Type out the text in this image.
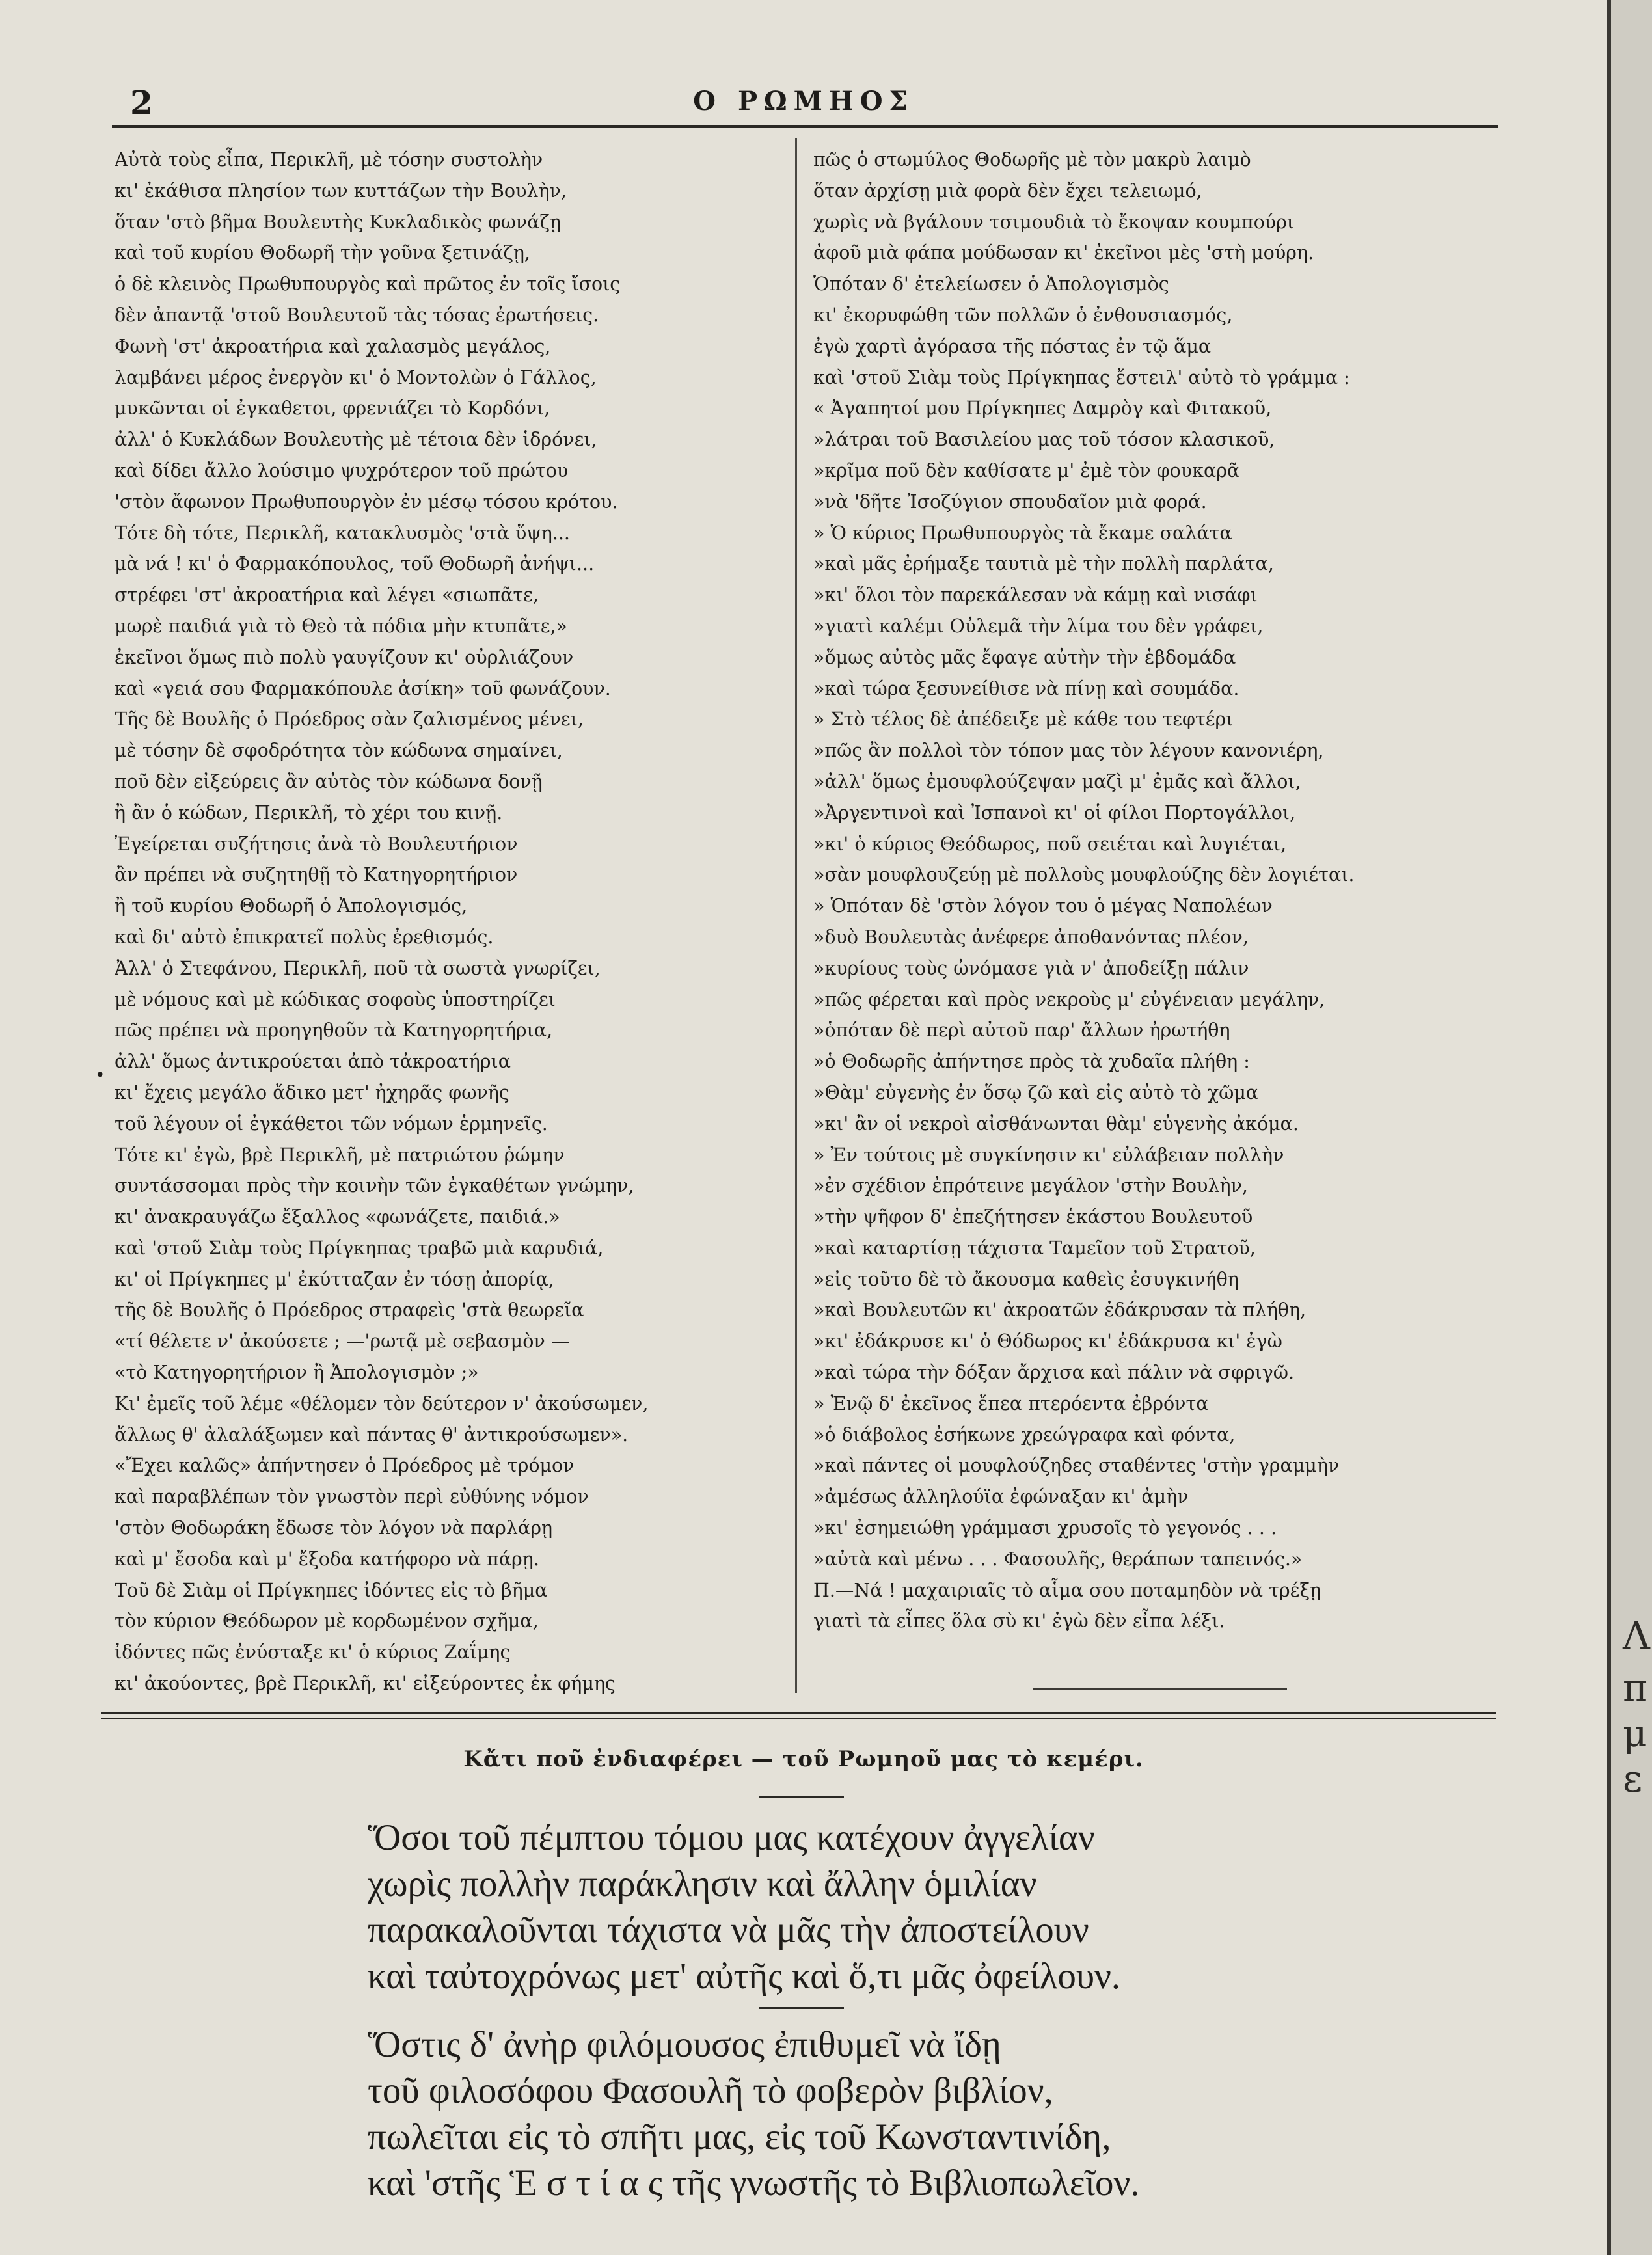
2	Ο ΡΩΜΗΟΣ
Αὐτὰ τοὺς εἶπα, Περικλῆ, μὲ τόσην συστολὴν
κι' ἐκάθισα πλησίον των κυττάζων τὴν Βουλὴν,
ὅταν 'στὸ βῆμα Βουλευτὴς Κυκλαδικὸς φωνάζῃ
καὶ τοῦ κυρίου Θοδωρῆ τὴν γοῦνα ξετινάζῃ,
ὁ δὲ κλεινὸς Πρωθυπουργὸς καὶ πρῶτος ἐν τοῖς ἴσοις
δὲν ἀπαντᾷ 'στοῦ Βουλευτοῦ τὰς τόσας ἐρωτήσεις.
Φωνὴ 'στ' ἀκροατήρια καὶ χαλασμὸς μεγάλος,
λαμβάνει μέρος ἐνεργὸν κι' ὁ Μοντολὼν ὁ Γάλλος,
μυκῶνται οἱ ἐγκαθετοι, φρενιάζει τὸ Κορδόνι,
ἀλλ' ὁ Κυκλάδων Βουλευτὴς μὲ τέτοια δὲν ἱδρόνει,
καὶ δίδει ἄλλο λούσιμο ψυχρότερον τοῦ πρώτου
'στὸν ἄφωνον Πρωθυπουργὸν ἐν μέσῳ τόσου κρότου.
Τότε δὴ τότε, Περικλῆ, κατακλυσμὸς 'στὰ ὕψη...
μὰ νά ! κι' ὁ Φαρμακόπουλος, τοῦ Θοδωρῆ ἀνήψι...
στρέφει 'στ' ἀκροατήρια καὶ λέγει «σιωπᾶτε,
μωρὲ παιδιά γιὰ τὸ Θεὸ τὰ πόδια μὴν κτυπᾶτε,»
ἐκεῖνοι ὅμως πιὸ πολὺ γαυγίζουν κι' οὐρλιάζουν
καὶ «γειά σου Φαρμακόπουλε ἀσίκη» τοῦ φωνάζουν.
Τῆς δὲ Βουλῆς ὁ Πρόεδρος σὰν ζαλισμένος μένει,
μὲ τόσην δὲ σφοδρότητα τὸν κώδωνα σημαίνει,
ποῦ δὲν εἰξεύρεις ἂν αὐτὸς τὸν κώδωνα δονῇ
ἢ ἂν ὁ κώδων, Περικλῆ, τὸ χέρι του κινῇ.
Ἐγείρεται συζήτησις ἀνὰ τὸ Βουλευτήριον
ἂν πρέπει νὰ συζητηθῇ τὸ Κατηγορητήριον
ἢ τοῦ κυρίου Θοδωρῆ ὁ Ἀπολογισμός,
καὶ δι' αὐτὸ ἐπικρατεῖ πολὺς ἐρεθισμός.
Ἀλλ' ὁ Στεφάνου, Περικλῆ, ποῦ τὰ σωστὰ γνωρίζει,
μὲ νόμους καὶ μὲ κώδικας σοφοὺς ὑποστηρίζει
πῶς πρέπει νὰ προηγηθοῦν τὰ Κατηγορητήρια,
ἀλλ' ὅμως ἀντικρούεται ἀπὸ τἀκροατήρια
κι' ἔχεις μεγάλο ἄδικο μετ' ἠχηρᾶς φωνῆς
τοῦ λέγουν οἱ ἐγκάθετοι τῶν νόμων ἑρμηνεῖς.
Τότε κι' ἐγὼ, βρὲ Περικλῆ, μὲ πατριώτου ῥώμην
συντάσσομαι πρὸς τὴν κοινὴν τῶν ἐγκαθέτων γνώμην,
κι' ἀνακραυγάζω ἔξαλλος «φωνάζετε, παιδιά.»
καὶ 'στοῦ Σιὰμ τοὺς Πρίγκηπας τραβῶ μιὰ καρυδιά,
κι' οἱ Πρίγκηπες μ' ἐκύτταζαν ἐν τόσῃ ἀπορίᾳ,
τῆς δὲ Βουλῆς ὁ Πρόεδρος στραφεὶς 'στὰ θεωρεῖα
«τί θέλετε ν' ἀκούσετε ; —'ρωτᾷ μὲ σεβασμὸν —
«τὸ Κατηγορητήριον ἢ Ἀπολογισμὸν ;»
Κι' ἐμεῖς τοῦ λέμε «θέλομεν τὸν δεύτερον ν' ἀκούσωμεν,
ἄλλως θ' ἀλαλάξωμεν καὶ πάντας θ' ἀντικρούσωμεν».
«Ἔχει καλῶς» ἀπήντησεν ὁ Πρόεδρος μὲ τρόμον
καὶ παραβλέπων τὸν γνωστὸν περὶ εὐθύνης νόμον
'στὸν Θοδωράκη ἔδωσε τὸν λόγον νὰ παρλάρῃ
καὶ μ' ἔσοδα καὶ μ' ἔξοδα κατήφορο νὰ πάρῃ.
Τοῦ δὲ Σιὰμ οἱ Πρίγκηπες ἰδόντες εἰς τὸ βῆμα
τὸν κύριον Θεόδωρον μὲ κορδωμένον σχῆμα,
ἰδόντες πῶς ἐνύσταξε κι' ὁ κύριος Ζαΐμης
κι' ἀκούοντες, βρὲ Περικλῆ, κι' εἰξεύροντες ἐκ φήμης
πῶς ὁ στωμύλος Θοδωρῆς μὲ τὸν μακρὺ λαιμὸ
ὅταν ἀρχίσῃ μιὰ φορὰ δὲν ἔχει τελειωμό,
χωρὶς νὰ βγάλουν τσιμουδιὰ τὸ ἔκοψαν κουμπούρι
ἀφοῦ μιὰ φάπα μούδωσαν κι' ἐκεῖνοι μὲς 'στὴ μούρη.
Ὁπόταν δ' ἐτελείωσεν ὁ Ἀπολογισμὸς
κι' ἐκορυφώθη τῶν πολλῶν ὁ ἐνθουσιασμός,
ἐγὼ χαρτὶ ἀγόρασα τῆς πόστας ἐν τῷ ἅμα
καὶ 'στοῦ Σιὰμ τοὺς Πρίγκηπας ἔστειλ' αὐτὸ τὸ γράμμα :
« Ἀγαπητοί μου Πρίγκηπες Δαμρὸγ καὶ Φιτακοῦ,
»λάτραι τοῦ Βασιλείου μας τοῦ τόσον κλασικοῦ,
»κρῖμα ποῦ δὲν καθίσατε μ' ἐμὲ τὸν φουκαρᾶ
»νὰ 'δῆτε Ἰσοζύγιον σπουδαῖον μιὰ φορά.
» Ὁ κύριος Πρωθυπουργὸς τὰ ἔκαμε σαλάτα
»καὶ μᾶς ἐρήμαξε ταυτιὰ μὲ τὴν πολλὴ παρλάτα,
»κι' ὅλοι τὸν παρεκάλεσαν νὰ κάμῃ καὶ νισάφι
»γιατὶ καλέμι Οὐλεμᾶ τὴν λίμα του δὲν γράφει,
»ὅμως αὐτὸς μᾶς ἔφαγε αὐτὴν τὴν ἑβδομάδα
»καὶ τώρα ξεσυνείθισε νὰ πίνῃ καὶ σουμάδα.
» Στὸ τέλος δὲ ἀπέδειξε μὲ κάθε του τεφτέρι
»πῶς ἂν πολλοὶ τὸν τόπον μας τὸν λέγουν κανονιέρη,
»ἀλλ' ὅμως ἐμουφλούζεψαν μαζὶ μ' ἐμᾶς καὶ ἄλλοι,
»Ἀργεντινοὶ καὶ Ἰσπανοὶ κι' οἱ φίλοι Πορτογάλλοι,
»κι' ὁ κύριος Θεόδωρος, ποῦ σειέται καὶ λυγιέται,
»σὰν μουφλουζεύῃ μὲ πολλοὺς μουφλούζης δὲν λογιέται.
» Ὁπόταν δὲ 'στὸν λόγον του ὁ μέγας Ναπολέων
»δυὸ Βουλευτὰς ἀνέφερε ἀποθανόντας πλέον,
»κυρίους τοὺς ὠνόμασε γιὰ ν' ἀποδείξῃ πάλιν
»πῶς φέρεται καὶ πρὸς νεκροὺς μ' εὐγένειαν μεγάλην,
»ὁπόταν δὲ περὶ αὐτοῦ παρ' ἄλλων ἠρωτήθη
»ὁ Θοδωρῆς ἀπήντησε πρὸς τὰ χυδαῖα πλήθη :
»Θὰμ' εὐγενὴς ἐν ὅσῳ ζῶ καὶ εἰς αὐτὸ τὸ χῶμα
»κι' ἂν οἱ νεκροὶ αἰσθάνωνται θὰμ' εὐγενὴς ἀκόμα.
» Ἐν τούτοις μὲ συγκίνησιν κι' εὐλάβειαν πολλὴν
»ἐν σχέδιον ἐπρότεινε μεγάλον 'στὴν Βουλὴν,
»τὴν ψῆφον δ' ἐπεζήτησεν ἑκάστου Βουλευτοῦ
»καὶ καταρτίσῃ τάχιστα Ταμεῖον τοῦ Στρατοῦ,
»εἰς τοῦτο δὲ τὸ ἄκουσμα καθεὶς ἐσυγκινήθη
»καὶ Βουλευτῶν κι' ἀκροατῶν ἐδάκρυσαν τὰ πλήθη,
»κι' ἐδάκρυσε κι' ὁ Θόδωρος κι' ἐδάκρυσα κι' ἐγὼ
»καὶ τώρα τὴν δόξαν ἄρχισα καὶ πάλιν νὰ σφριγῶ.
» Ἐνῷ δ' ἐκεῖνος ἔπεα πτερόεντα ἐβρόντα
»ὁ διάβολος ἐσήκωνε χρεώγραφα καὶ φόντα,
»καὶ πάντες οἱ μουφλούζηδες σταθέντες 'στὴν γραμμὴν
»ἀμέσως ἀλληλούϊα ἐφώναξαν κι' ἀμὴν
»κι' ἐσημειώθη γράμμασι χρυσοῖς τὸ γεγονός . . .
»αὐτὰ καὶ μένω . . . Φασουλῆς, θεράπων ταπεινός.»
Π.—Νά ! μαχαιριαῖς τὸ αἷμα σου ποταμηδὸν νὰ τρέξῃ
γιατὶ τὰ εἶπες ὅλα σὺ κι' ἐγὼ δὲν εἶπα λέξι.
•
Κἄτι ποῦ ἐνδιαφέρει — τοῦ Ρωμηοῦ μας τὸ κεμέρι.
Ὅσοι τοῦ πέμπτου τόμου μας κατέχουν ἀγγελίαν
χωρὶς πολλὴν παράκλησιν καὶ ἄλλην ὁμιλίαν
παρακαλοῦνται τάχιστα νὰ μᾶς τὴν ἀποστείλουν
καὶ ταὐτοχρόνως μετ' αὐτῆς καὶ ὅ,τι μᾶς ὀφείλουν.
Ὅστις δ' ἀνὴρ φιλόμουσος ἐπιθυμεῖ νὰ ἴδῃ
τοῦ φιλοσόφου Φασουλῆ τὸ φοβερὸν βιβλίον,
πωλεῖται εἰς τὸ σπῆτι μας, εἰς τοῦ Κωνσταντινίδη,
καὶ 'στῆς Ἑ σ τ ί α ς τῆς γνωστῆς τὸ Βιβλιοπωλεῖον.
Λ
π
μ
ε
